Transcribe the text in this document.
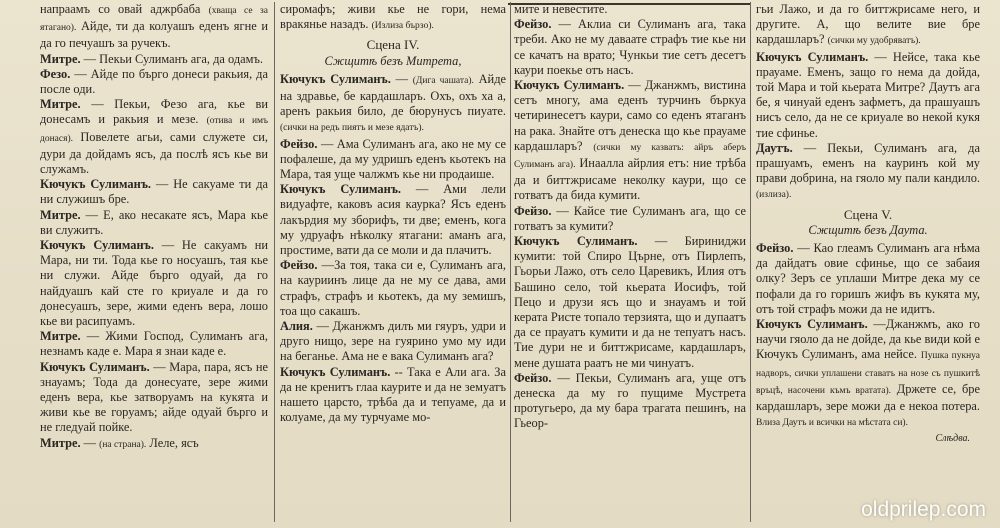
напраамъ со овай аджрбаба (хваща се за ятагано). Айде, ти да колуашъ еденъ ягне и да го печуашъ за ручекъ.

Митре. — Пекьи Сулиманъ ага, да одамъ.

Фезо. — Айде по бърго донеси ракьия, да после оди.

Митре. — Пекьи, Фезо ага, кье ви донесамъ и ракьия и мезе. (отива и имъ донася). Повелете агьи, сами служете си, дури да дойдамъ ясъ, да послѣ ясъ кье ви служамъ.

Кючукъ Сулиманъ. — Не сакуаме ти да ни служишъ бре.

Митре. — Е, ако несакате ясъ, Мара кье ви служитъ.

Кючукъ Сулиманъ. — Не сакуамъ ни Мара, ни ти. Тода кье го носуашъ, тая кье ни служи. Айде бърго одуай, да го найдуашъ кай сте го криуале и да го донесуашъ, зере, жими еденъ вера, лошо кье ви расипуамъ.

Митре. — Жими Господ, Сулиманъ ага, незнамъ каде е. Мара я знаи каде е.

Кючукъ Сулиманъ. — Мара, пара, ясъ не знауамъ; Тода да донесуате, зере жими еденъ вера, кье затворуамъ на кукята и живи кье ве горуамъ; айде одуай бърго и не гледуай пойке.

Митре. — (на страна). Леле, ясъ

сиромафъ; живи кье не гори, нема вракянье назадъ. (Излиза бързо).

Сцена IV.
Сжщитѣ безъ Митрета,

Кючукъ Сулиманъ. — (Дига чашата). Айде на здравье, бе кардашларъ. Охъ, охъ ха а, аренъ ракьия било, де бюрунусъ пиуате. (сички на редъ пиятъ и мезе ядатъ).

Фейзо. — Ама Сулиманъ ага, ако не му се пофалеше, да му удришъ еденъ кьотекъ на Мара, тая уще чалжмъ кье ни продаише.

Кючукъ Сулиманъ. — Ами лели видуафте, каковъ асия каурка? Ясъ еденъ лакърдия му зборифъ, ти две; еменъ, кога му удруафъ нѣколку ятагани: аманъ ага, простиме, вати да се моли и да плачитъ.

Фейзо. —За тоя, така си е, Сулиманъ ага, на кауриинъ лице да не му се дава, ами страфъ, страфъ и кьотекъ, да му земишъ, тоа що сакашъ.

Алия. — Джанжмъ дилъ ми гяуръ, удри и друго нищо, зере на гуярино умо му иди на беганье. Ама не е вака Сулиманъ ага?

Кючукъ Сулиманъ. -- Така е Али ага. За да не кренитъ глаа каурите и да не земуатъ нашето царсто, трѣба да и тепуаме, да и колуаме, да му турчуаме мо-

мите и невестите.

Фейзо. — Аклиа си Сулиманъ ага, така треби. Ако не му даваате страфъ тие кье ни се качатъ на врато; Чункьи тие сетъ десетъ каури поекье отъ насъ.

Кючукъ Сулиманъ. — Джанжмъ, вистина сетъ многу, ама еденъ турчинъ бъркуа четиринесетъ каури, само со еденъ ятаганъ на рака. Знайте отъ денеска що кье прауаме кардашларъ? (сички му казватъ: айръ аберъ Сулиманъ ага). Инаалла айрлия етъ: ние трѣба да и биттжрисаме неколку каури, що се готватъ да бида кумити.

Фейзо. — Кайсе тие Сулиманъ ага, що се готватъ за кумити?

Кючукъ Сулиманъ. — Бириниджи кумити: той Спиро Църне, отъ Пирлепъ, Гьорьи Лажо, отъ село Царевикъ, Илия отъ Башино село, той кьерата Иосифъ, той Пецо и друзи ясъ що и знауамъ и той керата Ристе топало терзията, що и дупаатъ да се прауатъ кумити и да не тепуатъ насъ. Тие дури не и биттжрисаме, кардашларъ, мене душата раатъ не ми чинуатъ.

Фейзо. — Пекьи, Сулиманъ ага, уще отъ денеска да му го пущиме Мустрета протугьеро, да му бара трагата пешинъ, на Гьеор-

гьи Лажо, и да го биттжрисаме него, и другите. А, що велите вие бре кардашларъ? (сички му удобряватъ).

Кючукъ Сулиманъ. — Нейсе, така кье прауаме. Еменъ, защо го нема да дойда, той Мара и той кьерата Митре? Даутъ ага бе, я чинуай еденъ зафметъ, да прашуашъ нисъ село, да не се криуале во некой кукя тие сфинье.

Даутъ. — Пекьи, Сулиманъ ага, да прашуамъ, еменъ на кауринъ кой му прави добрина, на гяоло му пали кандило. (излиза).

Сцена V.
Сжщитѣ безъ Даута.

Фейзо. — Као глеамъ Сулиманъ ага нѣма да дайдатъ овие сфинье, що се забаия олку? Зеръ се уплаши Митре дека му се пофали да го горишъ жифъ въ кукята му, отъ той страфъ можи да не идитъ.

Кючукъ Сулиманъ. —Джанжмъ, ако го научи гяоло да не дойде, да кье види кой е Кючукъ Сулиманъ, ама нейсе. Пушка пукнуа надворъ, сички уплашени ставатъ на нозе съ пушкитѣ връцѣ, насочени къмъ вратата). Држете се, бре кардашларъ, зере можи да е некоа потера. Влиза Даутъ и всички на мѣстата си).

Слѣдва.
oldprilep.com
